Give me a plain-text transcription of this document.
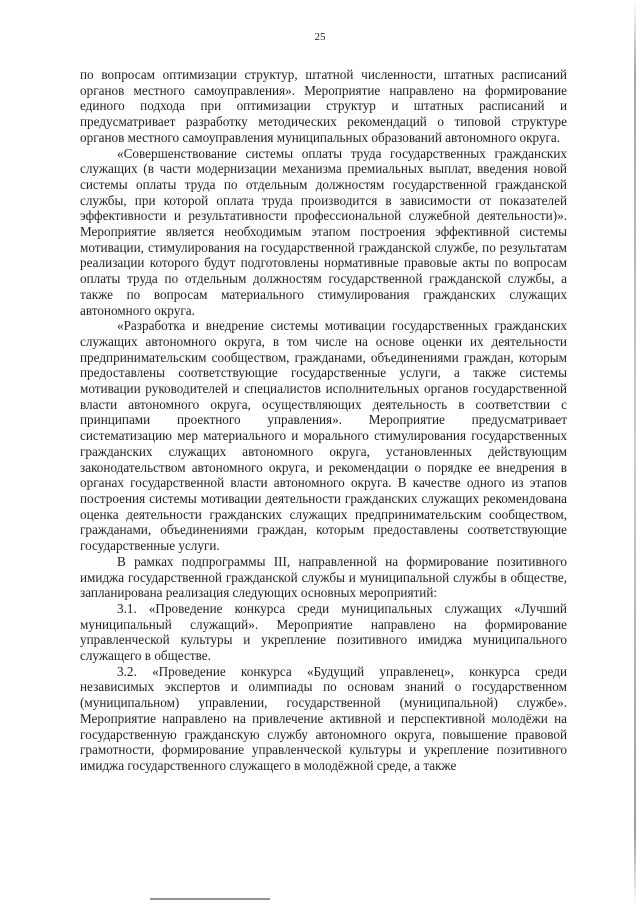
25

по вопросам оптимизации структур, штатной численности, штатных расписаний органов местного самоуправления». Мероприятие направлено на формирование единого подхода при оптимизации структур и штатных расписаний и предусматривает разработку методических рекомендаций о типовой структуре органов местного самоуправления муниципальных образований автономного округа.

«Совершенствование системы оплаты труда государственных гражданских служащих (в части модернизации механизма премиальных выплат, введения новой системы оплаты труда по отдельным должностям государственной гражданской службы, при которой оплата труда производится в зависимости от показателей эффективности и результативности профессиональной служебной деятельности)». Мероприятие является необходимым этапом построения эффективной системы мотивации, стимулирования на государственной гражданской службе, по результатам реализации которого будут подготовлены нормативные правовые акты по вопросам оплаты труда по отдельным должностям государственной гражданской службы, а также по вопросам материального стимулирования гражданских служащих автономного округа.

«Разработка и внедрение системы мотивации государственных гражданских служащих автономного округа, в том числе на основе оценки их деятельности предпринимательским сообществом, гражданами, объединениями граждан, которым предоставлены соответствующие государственные услуги, а также системы мотивации руководителей и специалистов исполнительных органов государственной власти автономного округа, осуществляющих деятельность в соответствии с принципами проектного управления». Мероприятие предусматривает систематизацию мер материального и морального стимулирования государственных гражданских служащих автономного округа, установленных действующим законодательством автономного округа, и рекомендации о порядке ее внедрения в органах государственной власти автономного округа. В качестве одного из этапов построения системы мотивации деятельности гражданских служащих рекомендована оценка деятельности гражданских служащих предпринимательским сообществом, гражданами, объединениями граждан, которым предоставлены соответствующие государственные услуги.

В рамках подпрограммы III, направленной на формирование позитивного имиджа государственной гражданской службы и муниципальной службы в обществе, запланирована реализация следующих основных мероприятий:

3.1. «Проведение конкурса среди муниципальных служащих «Лучший муниципальный служащий». Мероприятие направлено на формирование управленческой культуры и укрепление позитивного имиджа муниципального служащего в обществе.

3.2. «Проведение конкурса «Будущий управленец», конкурса среди независимых экспертов и олимпиады по основам знаний о государственном (муниципальном) управлении, государственной (муниципальной) службе». Мероприятие направлено на привлечение активной и перспективной молодёжи на государственную гражданскую службу автономного округа, повышение правовой грамотности, формирование управленческой культуры и укрепление позитивного имиджа государственного служащего в молодёжной среде, а также
